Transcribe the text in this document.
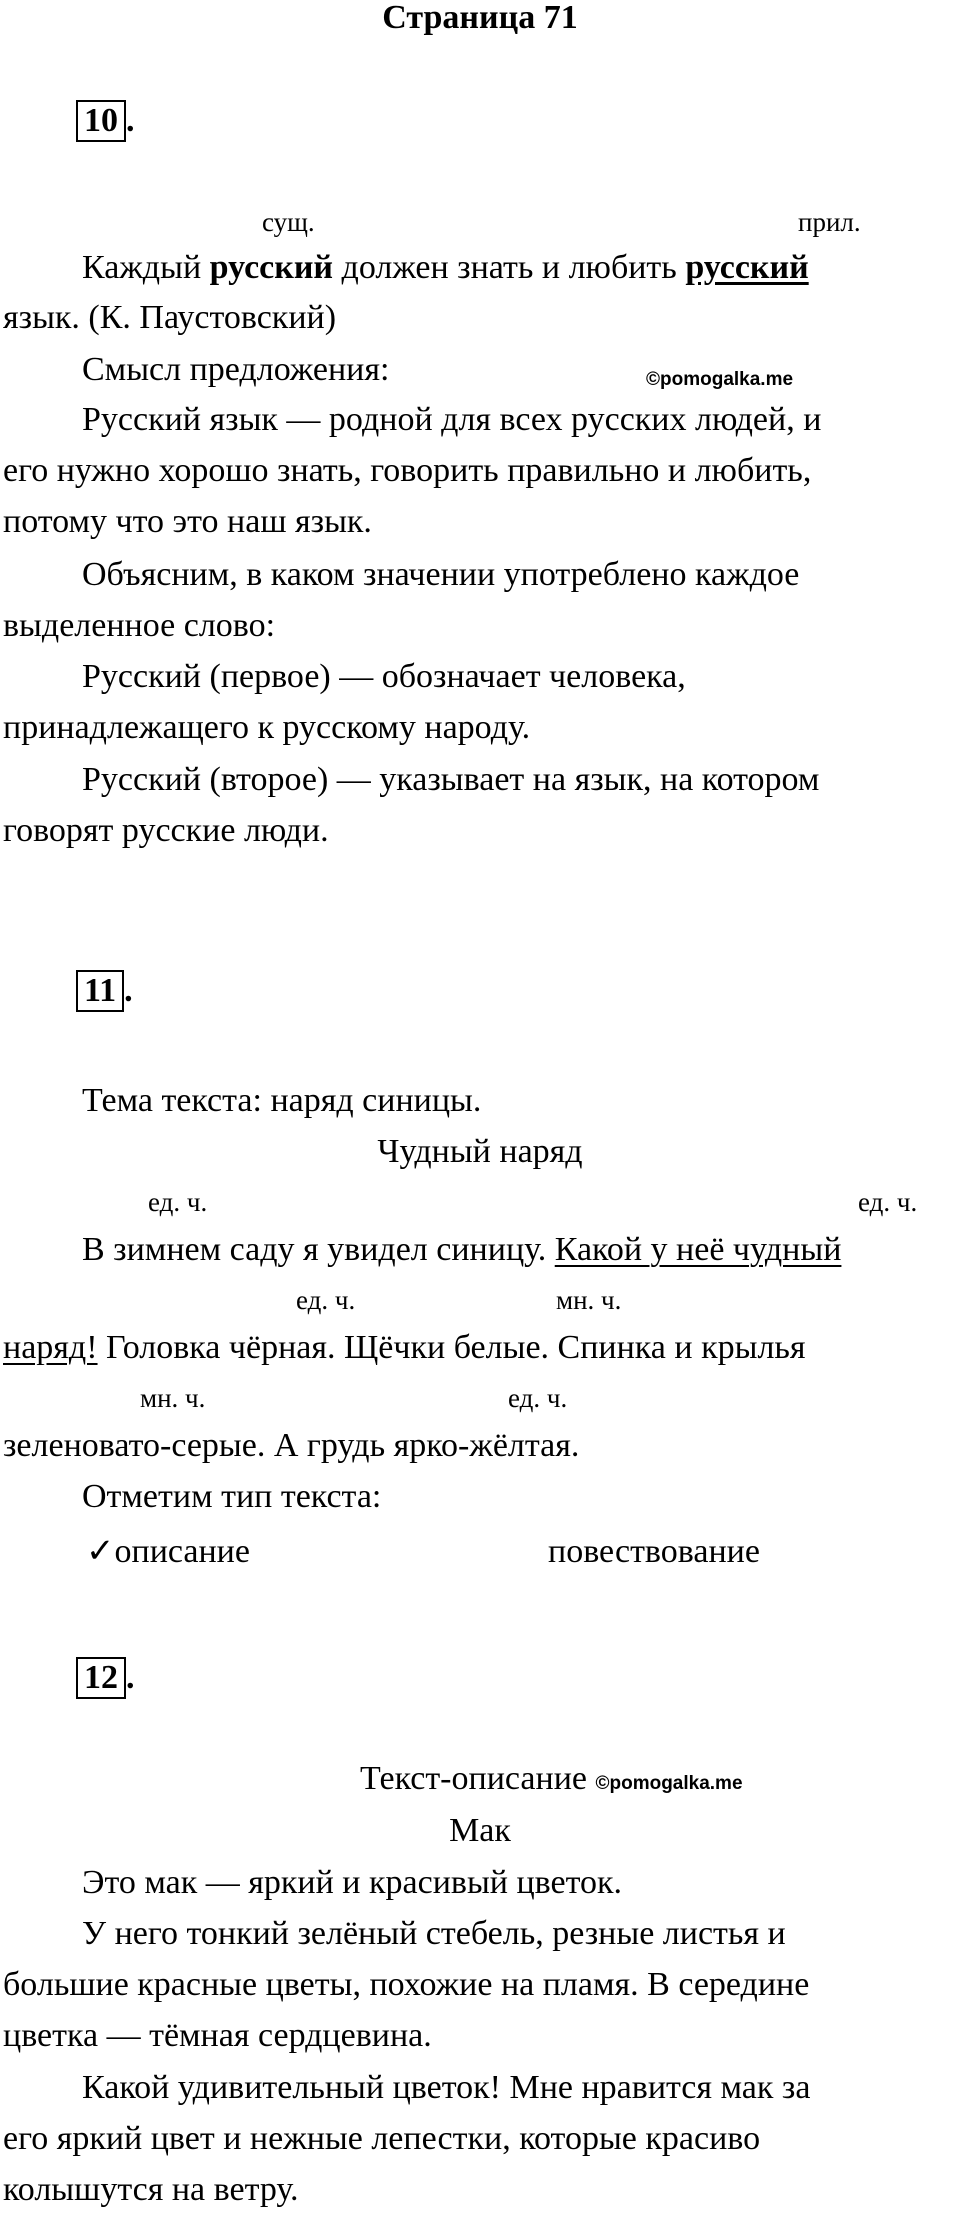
Страница 71
10 .
сущ.	прил.
Каждый русский должен знать и любить русский
язык. (К. Паустовский)
Смысл предложения:	©pomogalka.me
Русский язык — родной для всех русских людей, и
его нужно хорошо знать, говорить правильно и любить,
потому что это наш язык.
Объясним, в каком значении употреблено каждое
выделенное слово:
Русский (первое) — обозначает человека,
принадлежащего к русскому народу.
Русский (второе) — указывает на язык, на котором
говорят русские люди.
11 .
Тема текста: наряд синицы.
Чудный наряд
ед. ч.	ед. ч.
В зимнем саду я увидел синицу. Какой у неё чудный
ед. ч.	мн. ч.
наряд! Головка чёрная. Щёчки белые. Спинка и крылья
мн. ч.	ед. ч.
зеленовато-серые. А грудь ярко-жёлтая.
Отметим тип текста:
✓описание	повествование
12 .
Текст-описание ©pomogalka.me
Мак
Это мак — яркий и красивый цветок.
У него тонкий зелёный стебель, резные листья и
большие красные цветы, похожие на пламя. В середине
цветка — тёмная сердцевина.
Какой удивительный цветок! Мне нравится мак за
его яркий цвет и нежные лепестки, которые красиво
колышутся на ветру.
